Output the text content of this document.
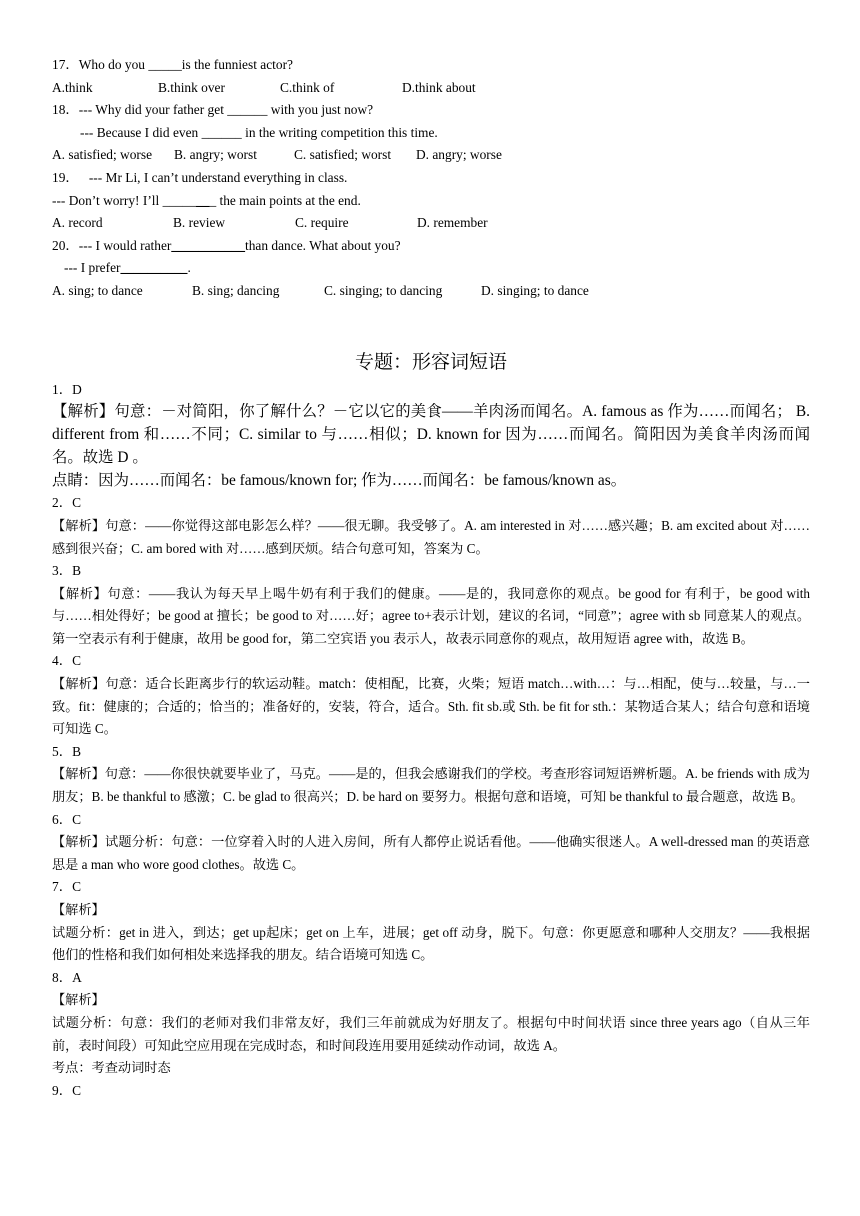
17．Who do you _____is the funniest actor?
A.think	B.think over	C.think of	D.think about
18．--- Why did your father get ______ with you just now?
--- Because I did even ______ in the writing competition this time.
A. satisfied; worse	B. angry; worst	C. satisfied; worst	D. angry; worse
19．   --- Mr Li, I can’t understand everything in class.
--- Don’t worry! I’ll ________ the main points at the end.
A. record	B. review	C. require	D. remember
20．--- I would rather___________than dance. What about you?
--- I prefer__________.
A. sing; to dance	B. sing; dancing	C. singing; to dancing	D. singing; to dance
专题：形容词短语
1．D
【解析】句意：－对简阳，你了解什么？－它以它的美食——羊肉汤而闻名。A. famous as 作为……而闻名； B. different from 和……不同；C. similar to 与……相似；D. known for 因为……而闻名。简阳因为美食羊肉汤而闻名。故选 D 。
点睛：因为……而闻名：be famous/known for; 作为……而闻名：be famous/known as。
2．C
【解析】句意：——你觉得这部电影怎么样？——很无聊。我受够了。A. am interested in 对……感兴趣；B. am excited about 对……感到很兴奋；C. am bored with 对……感到厌烦。结合句意可知，答案为 C。
3．B
【解析】句意：——我认为每天早上喝牛奶有利于我们的健康。——是的，我同意你的观点。be good for 有利于，be good with 与……相处得好；be good at 擅长；be good to 对……好；agree to+表示计划，建议的名词，“同意”；agree with sb 同意某人的观点。第一空表示有利于健康，故用 be good for，第二空宾语 you 表示人，故表示同意你的观点，故用短语 agree with，故选 B。
4．C
【解析】句意：适合长距离步行的软运动鞋。match：使相配，比赛，火柴；短语 match…with…：与…相配，使与…较量，与…一致。fit：健康的；合适的；恰当的；准备好的，安装，符合，适合。Sth. fit sb.或 Sth. be fit for sth.：某物适合某人；结合句意和语境可知选 C。
5．B
【解析】句意：——你很快就要毕业了，马克。——是的，但我会感谢我们的学校。考查形容词短语辨析题。A. be friends with 成为朋友；B. be thankful to 感激；C. be glad to 很高兴；D. be hard on 要努力。根据句意和语境，可知 be thankful to 最合题意，故选 B。
6．C
【解析】试题分析：句意：一位穿着入时的人进入房间，所有人都停止说话看他。——他确实很迷人。A well-dressed man 的英语意思是 a man who wore good clothes。故选 C。
7．C
【解析】
试题分析：get in 进入，到达；get up起床；get on 上车，进展；get off 动身，脱下。句意：你更愿意和哪种人交朋友？——我根据他们的性格和我们如何相处来选择我的朋友。结合语境可知选 C。
8．A
【解析】
试题分析：句意：我们的老师对我们非常友好，我们三年前就成为好朋友了。根据句中时间状语 since three years ago（自从三年前，表时间段）可知此空应用现在完成时态，和时间段连用要用延续动作动词，故选 A。
考点：考查动词时态
9．C
